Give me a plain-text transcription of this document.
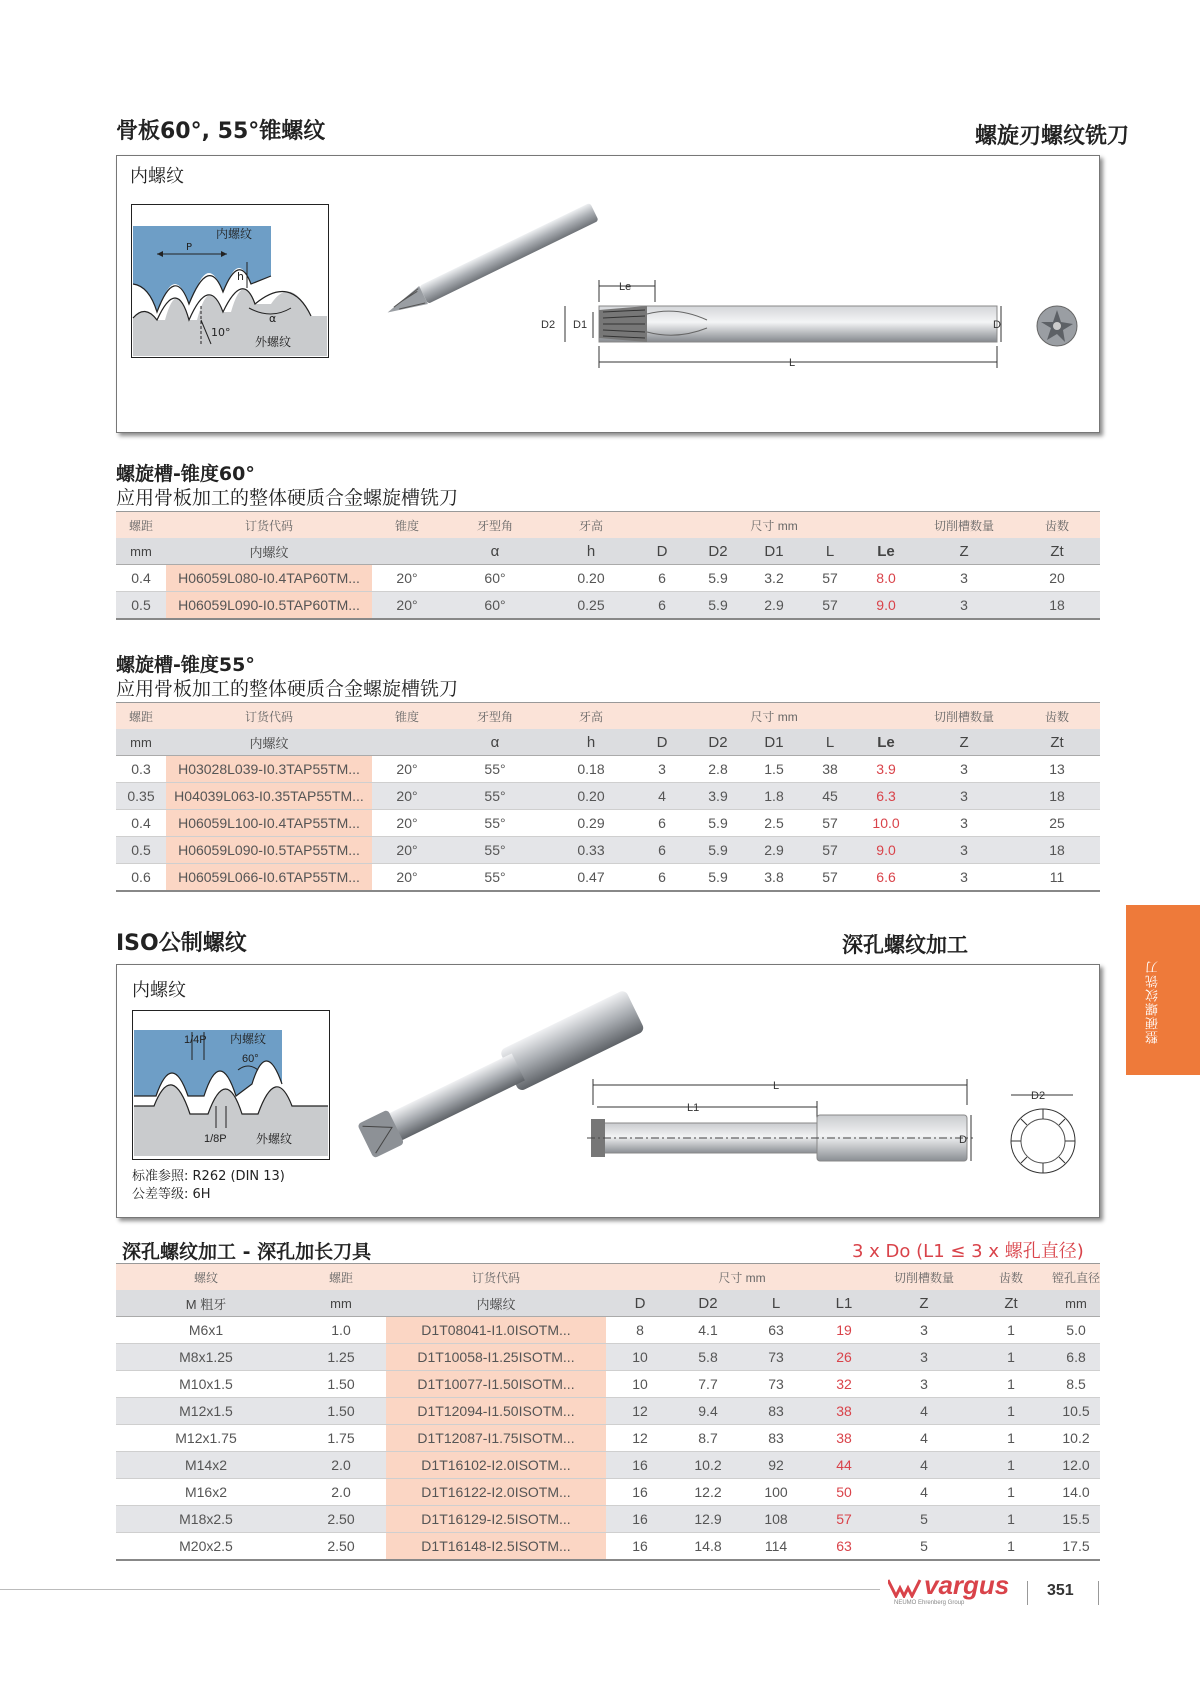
骨板60°, 55°锥螺纹	螺旋刃螺纹铣刀
内螺纹
P
内螺纹
h
α
10°
外螺纹
Le
D2 D1	D
L
螺旋槽-锥度60°
应用骨板加工的整体硬质合金螺旋槽铣刀
螺距	订货代码	锥度	牙型角	牙高	尺寸 mm					切削槽数量	齿数
mm	内螺纹		α	h	D	D2	D1	L	Le	Z	Zt
0.4	H06059L080-I0.4TAP60TM...	20°	60°	0.20	6	5.9	3.2	57	8.0	3	20
0.5	H06059L090-I0.5TAP60TM...	20°	60°	0.25	6	5.9	2.9	57	9.0	3	18
螺旋槽-锥度55°
应用骨板加工的整体硬质合金螺旋槽铣刀
螺距	订货代码	锥度	牙型角	牙高	尺寸 mm					切削槽数量	齿数
mm	内螺纹		α	h	D	D2	D1	L	Le	Z	Zt
0.3	H03028L039-I0.3TAP55TM...	20°	55°	0.18	3	2.8	1.5	38	3.9	3	13
0.35	H04039L063-I0.35TAP55TM...	20°	55°	0.20	4	3.9	1.8	45	6.3	3	18
0.4	H06059L100-I0.4TAP55TM...	20°	55°	0.29	6	5.9	2.5	57	10.0	3	25
0.5	H06059L090-I0.5TAP55TM...	20°	55°	0.33	6	5.9	2.9	57	9.0	3	18
0.6	H06059L066-I0.6TAP55TM...	20°	55°	0.47	6	5.9	3.8	57	6.6	3	11
ISO公制螺纹	深孔螺纹加工
内螺纹
1/4P 内螺纹
60°
1/8P 外螺纹
标准参照: R262 (DIN 13)
公差等级: 6H
L
L1
D
D2
深孔螺纹加工 - 深孔加长刀具	3 x Do (L1 ≤ 3 x 螺孔直径)
螺纹	螺距	订货代码	尺寸 mm				切削槽数量	齿数	镗孔直径
M 粗牙	mm	内螺纹	D	D2	L	L1	Z	Zt	mm
M6x1	1.0	D1T08041-I1.0ISOTM...	8	4.1	63	19	3	1	5.0
M8x1.25	1.25	D1T10058-I1.25ISOTM...	10	5.8	73	26	3	1	6.8
M10x1.5	1.50	D1T10077-I1.50ISOTM...	10	7.7	73	32	3	1	8.5
M12x1.5	1.50	D1T12094-I1.50ISOTM...	12	9.4	83	38	4	1	10.5
M12x1.75	1.75	D1T12087-I1.75ISOTM...	12	8.7	83	38	4	1	10.2
M14x2	2.0	D1T16102-I2.0ISOTM...	16	10.2	92	44	4	1	12.0
M16x2	2.0	D1T16122-I2.0ISOTM...	16	12.2	100	50	4	1	14.0
M18x2.5	2.50	D1T16129-I2.5ISOTM...	16	12.9	108	57	5	1	15.5
M20x2.5	2.50	D1T16148-I2.5ISOTM...	16	14.8	114	63	5	1	17.5
整硬螺纹铣刀
vargus
NEUMO Ehrenberg Group
351
